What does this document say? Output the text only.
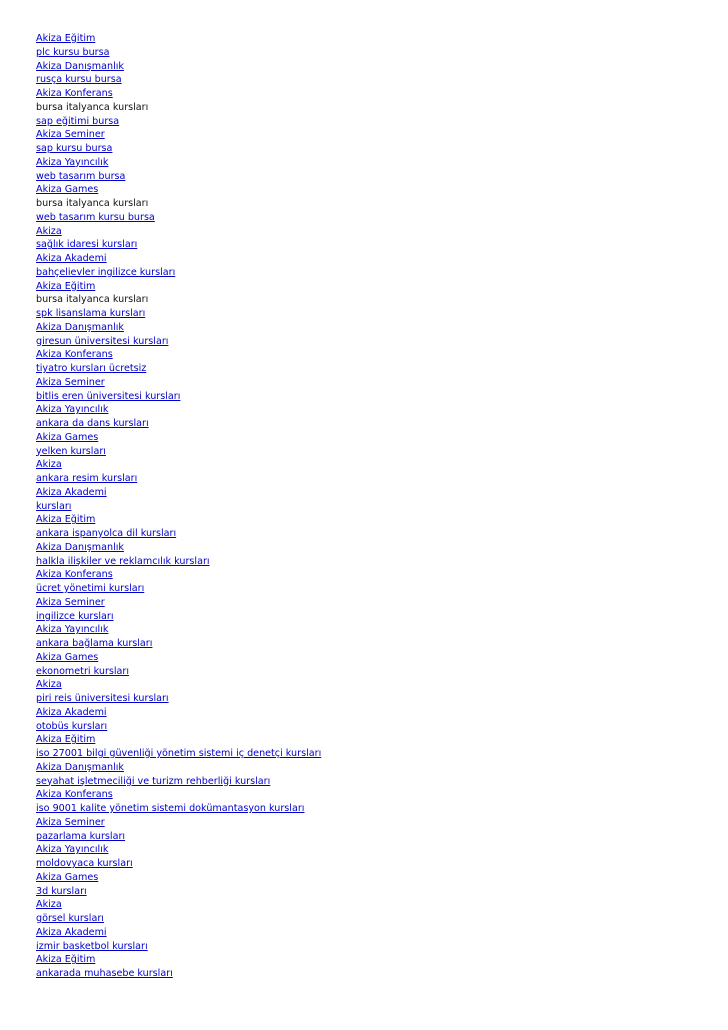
Akiza Eğitim
plc kursu bursa
Akiza Danışmanlık
rusça kursu bursa
Akiza Konferans
bursa italyanca kursları
sap eğitimi bursa
Akiza Seminer
sap kursu bursa
Akiza Yayıncılık
web tasarım bursa
Akiza Games
bursa italyanca kursları
web tasarım kursu bursa
Akiza
sağlık idaresi kursları
Akiza Akademi
bahçelievler ingilizce kursları
Akiza Eğitim
bursa italyanca kursları
spk lisanslama kursları
Akiza Danışmanlık
giresun üniversitesi kursları
Akiza Konferans
tiyatro kursları ücretsiz
Akiza Seminer
bitlis eren üniversitesi kursları
Akiza Yayıncılık
ankara da dans kursları
Akiza Games
yelken kursları
Akiza
ankara resim kursları
Akiza Akademi
kursları
Akiza Eğitim
ankara ispanyolca dil kursları
Akiza Danışmanlık
halkla ilişkiler ve reklamcılık kursları
Akiza Konferans
ücret yönetimi kursları
Akiza Seminer
ingilizce kursları
Akiza Yayıncılık
ankara bağlama kursları
Akiza Games
ekonometri kursları
Akiza
piri reis üniversitesi kursları
Akiza Akademi
otobüs kursları
Akiza Eğitim
iso 27001 bilgi güvenliği yönetim sistemi iç denetçi kursları
Akiza Danışmanlık
seyahat işletmeciliği ve turizm rehberliği kursları
Akiza Konferans
iso 9001 kalite yönetim sistemi dokümantasyon kursları
Akiza Seminer
pazarlama kursları
Akiza Yayıncılık
moldovyaca kursları
Akiza Games
3d kursları
Akiza
görsel kursları
Akiza Akademi
izmir basketbol kursları
Akiza Eğitim
ankarada muhasebe kursları
